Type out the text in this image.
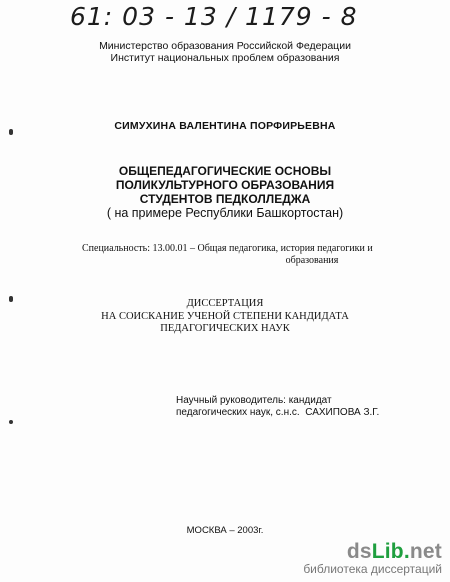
61: 03 - 13 / 1179 - 8
Министерство образования Российской Федерации
Институт национальных проблем образования
СИМУХИНА ВАЛЕНТИНА ПОРФИРЬЕВНА
ОБЩЕПЕДАГОГИЧЕСКИЕ ОСНОВЫ
ПОЛИКУЛЬТУРНОГО ОБРАЗОВАНИЯ
СТУДЕНТОВ ПЕДКОЛЛЕДЖА
( на примере Республики Башкортостан)
Специальность: 13.00.01 – Общая педагогика, история педагогики и
образования
ДИССЕРТАЦИЯ
НА СОИСКАНИЕ УЧЕНОЙ СТЕПЕНИ КАНДИДАТА
ПЕДАГОГИЧЕСКИХ НАУК
Научный руководитель: кандидат
педагогических наук, с.н.с.  САХИПОВА З.Г.
МОСКВА – 2003г.
dsLib.net
библиотека диссертаций
